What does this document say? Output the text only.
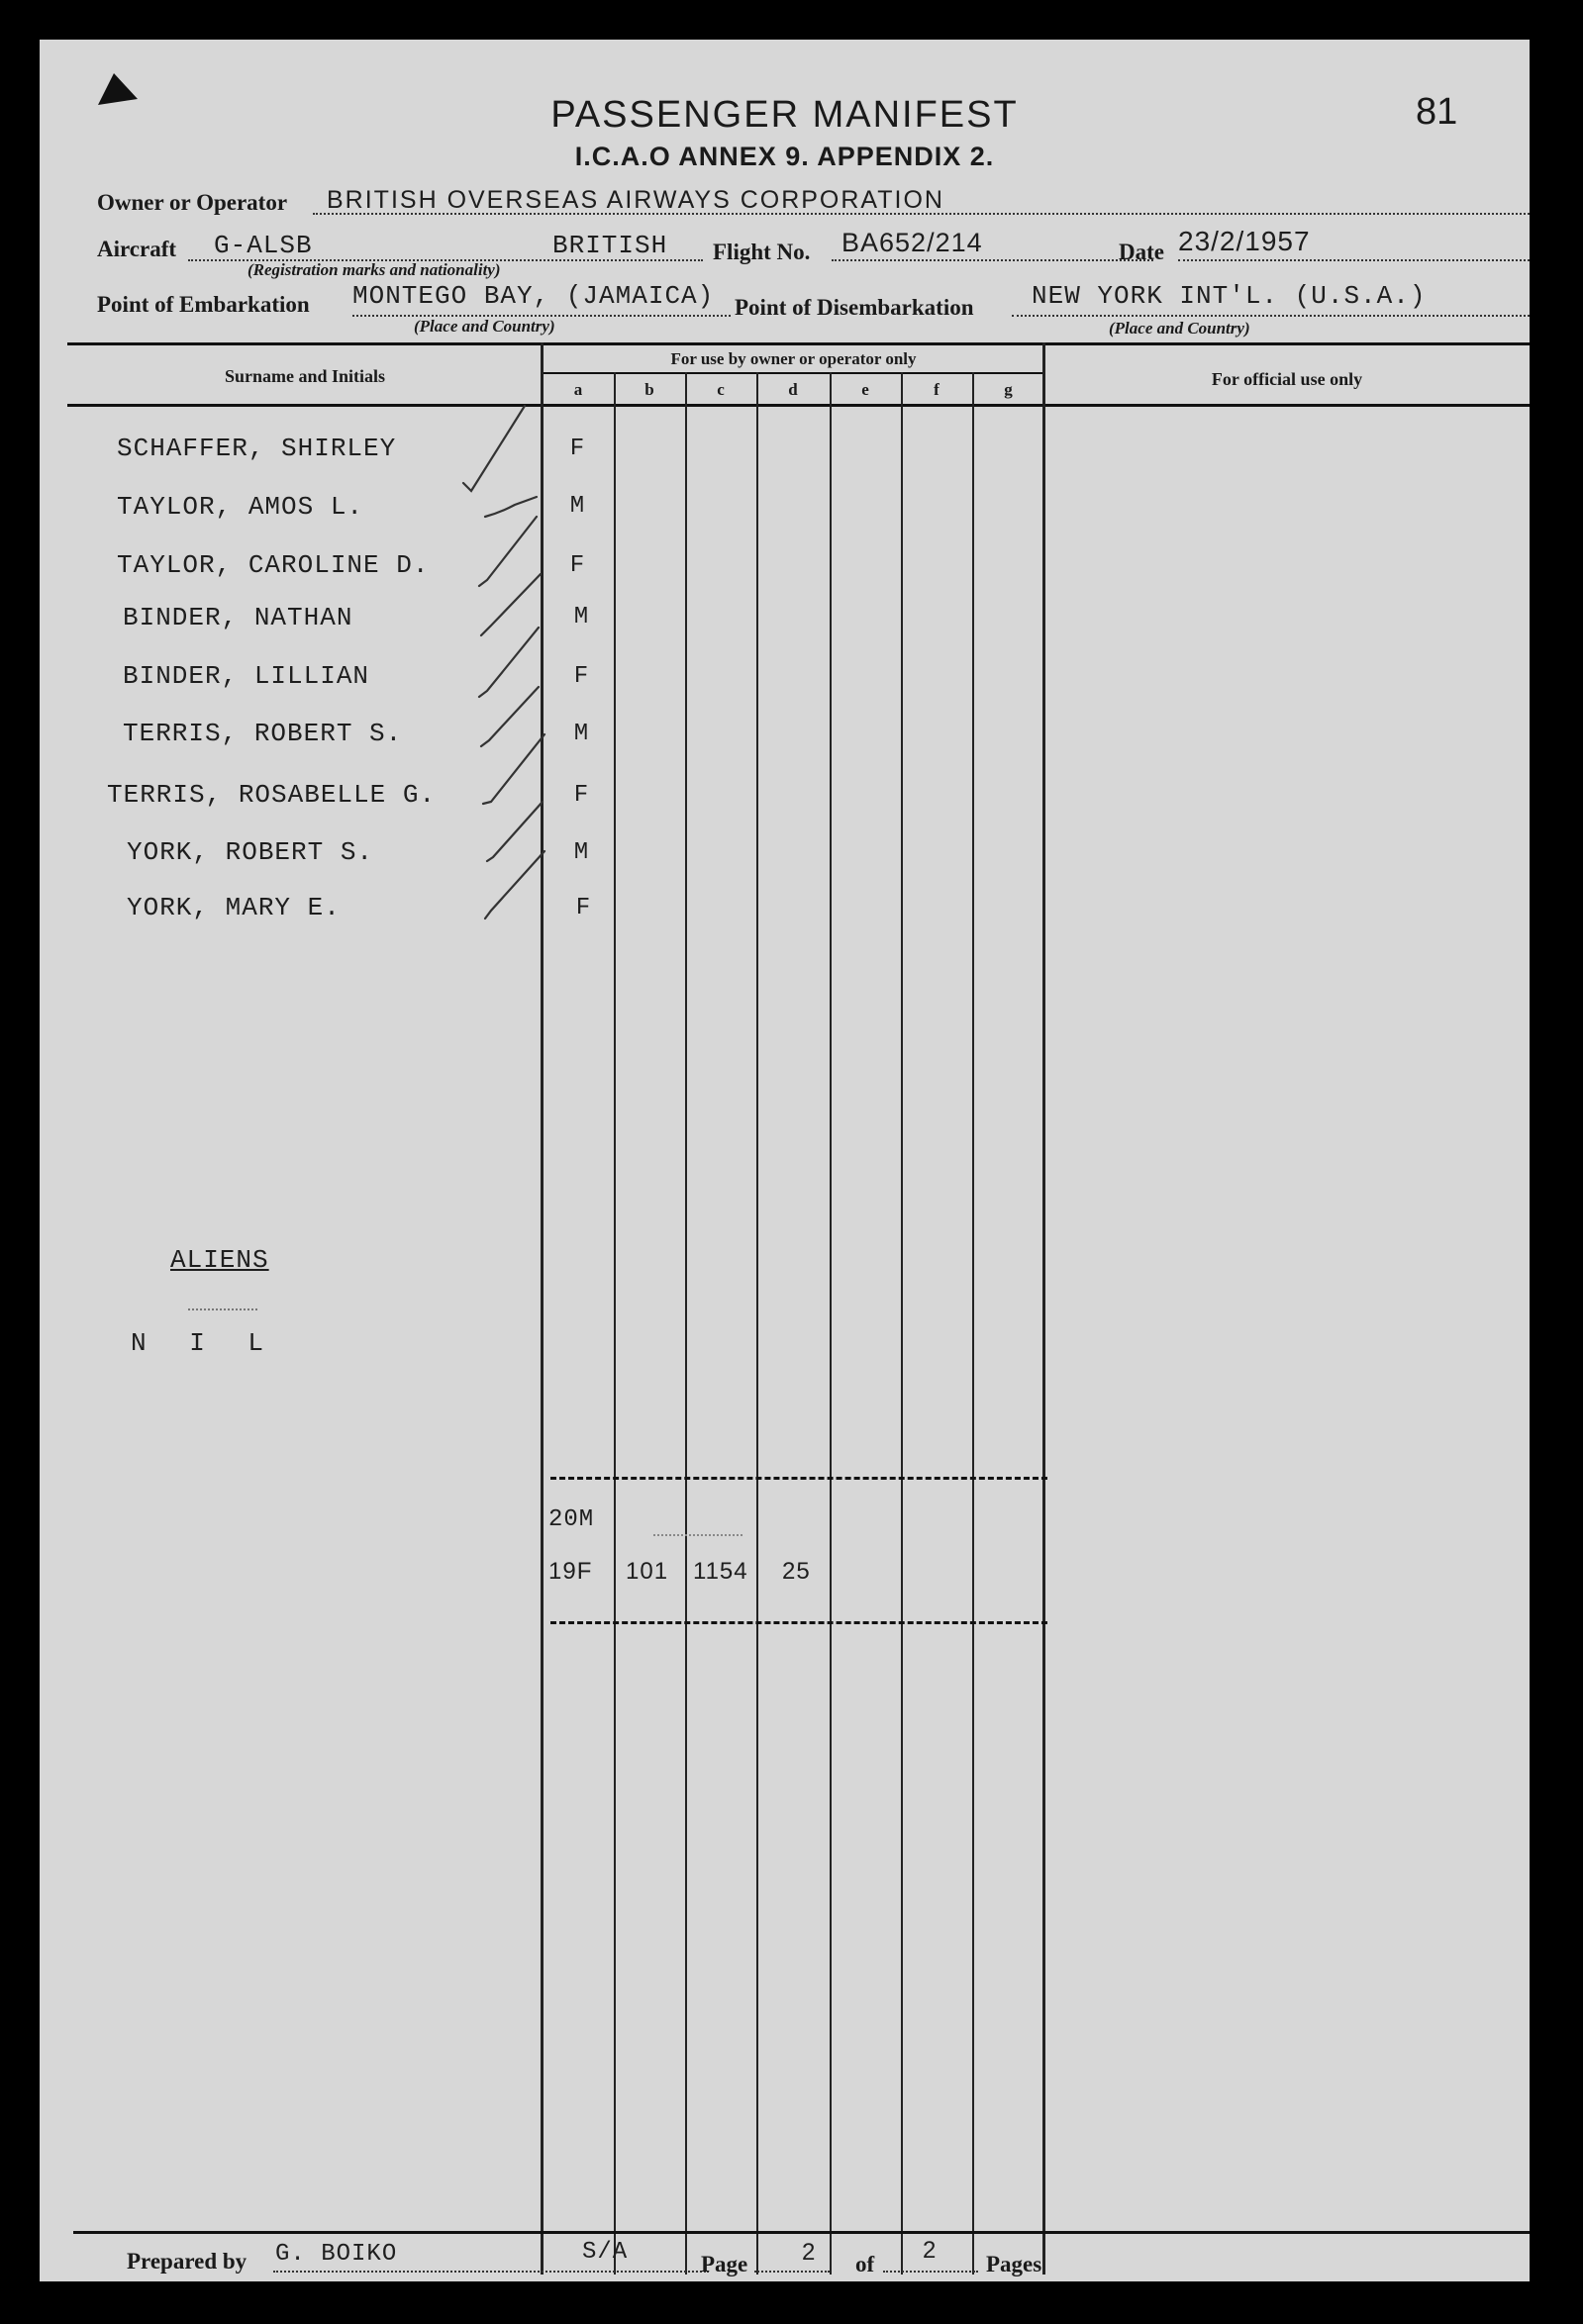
PASSENGER MANIFEST
I.C.A.O ANNEX 9. APPENDIX 2.
81
Owner or Operator BRITISH OVERSEAS AIRWAYS CORPORATION
Aircraft G-ALSB	BRITISH Flight No. BA652/214	Date 23/2/1957
(Registration marks and nationality)
Point of Embarkation MONTEGO BAY, (JAMAICA) Point of Disembarkation NEW YORK INT'L. (U.S.A.)
(Place and Country)	(Place and Country)
Surname and Initials
For use by owner or operator only
For official use only
a	b	c	d	e	f	g
SCHAFFER, SHIRLEY	F
TAYLOR, AMOS L.	M
TAYLOR, CAROLINE D.	F
BINDER, NATHAN	M
BINDER, LILLIAN	F
TERRIS, ROBERT S.	M
TERRIS, ROSABELLE G.	F
YORK, ROBERT S.	M
YORK, MARY E.	F
ALIENS
N I L
20M
19F 101 1154 25
Prepared by G. BOIKO	S/A	Page 2 of
2
Pages
